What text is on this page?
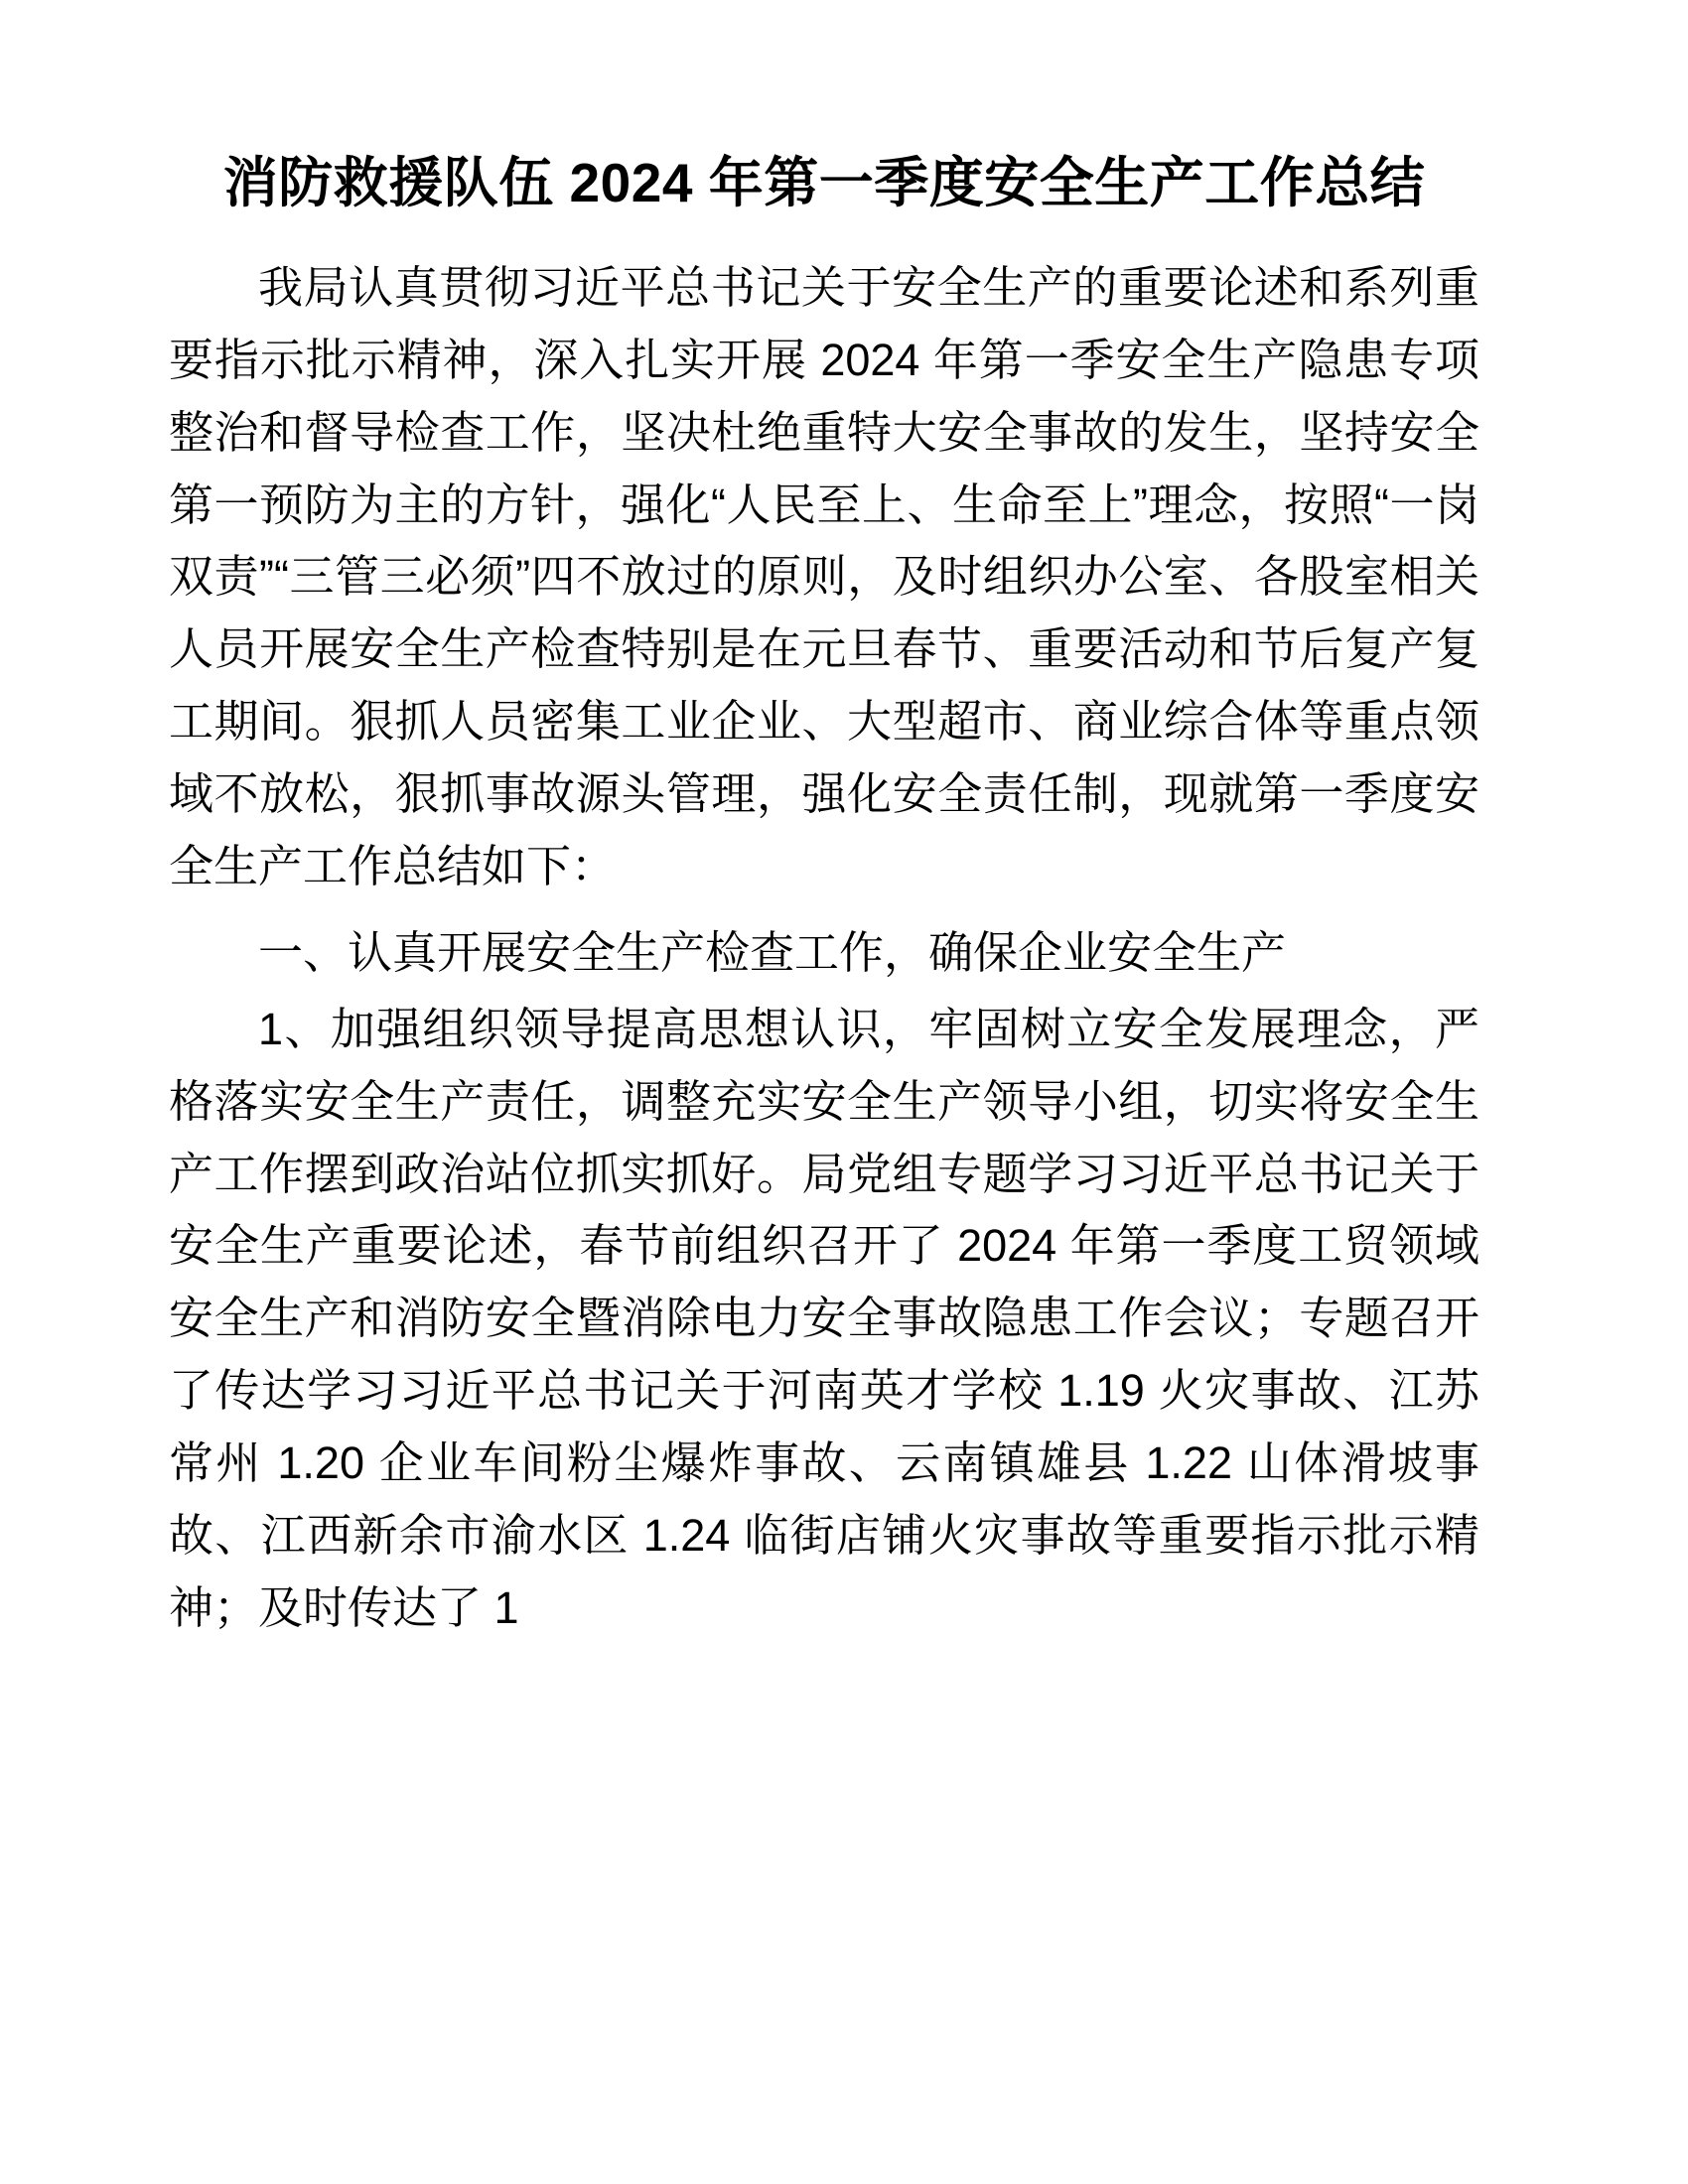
消防救援队伍 2024 年第一季度安全生产工作总结

我局认真贯彻习近平总书记关于安全生产的重要论述和系列重要指示批示精神，深入扎实开展 2024 年第一季安全生产隐患专项整治和督导检查工作，坚决杜绝重特大安全事故的发生，坚持安全第一预防为主的方针，强化“人民至上、生命至上”理念，按照“一岗双责”“三管三必须”四不放过的原则，及时组织办公室、各股室相关人员开展安全生产检查特别是在元旦春节、重要活动和节后复产复工期间。狠抓人员密集工业企业、大型超市、商业综合体等重点领域不放松，狠抓事故源头管理，强化安全责任制，现就第一季度安全生产工作总结如下：

一、认真开展安全生产检查工作，确保企业安全生产

1、加强组织领导提高思想认识，牢固树立安全发展理念，严格落实安全生产责任，调整充实安全生产领导小组，切实将安全生产工作摆到政治站位抓实抓好。局党组专题学习习近平总书记关于安全生产重要论述，春节前组织召开了 2024 年第一季度工贸领域安全生产和消防安全暨消除电力安全事故隐患工作会议；专题召开了传达学习习近平总书记关于河南英才学校 1.19 火灾事故、江苏常州 1.20 企业车间粉尘爆炸事故、云南镇雄县 1.22 山体滑坡事故、江西新余市渝水区 1.24 临街店铺火灾事故等重要指示批示精神；及时传达了 1
